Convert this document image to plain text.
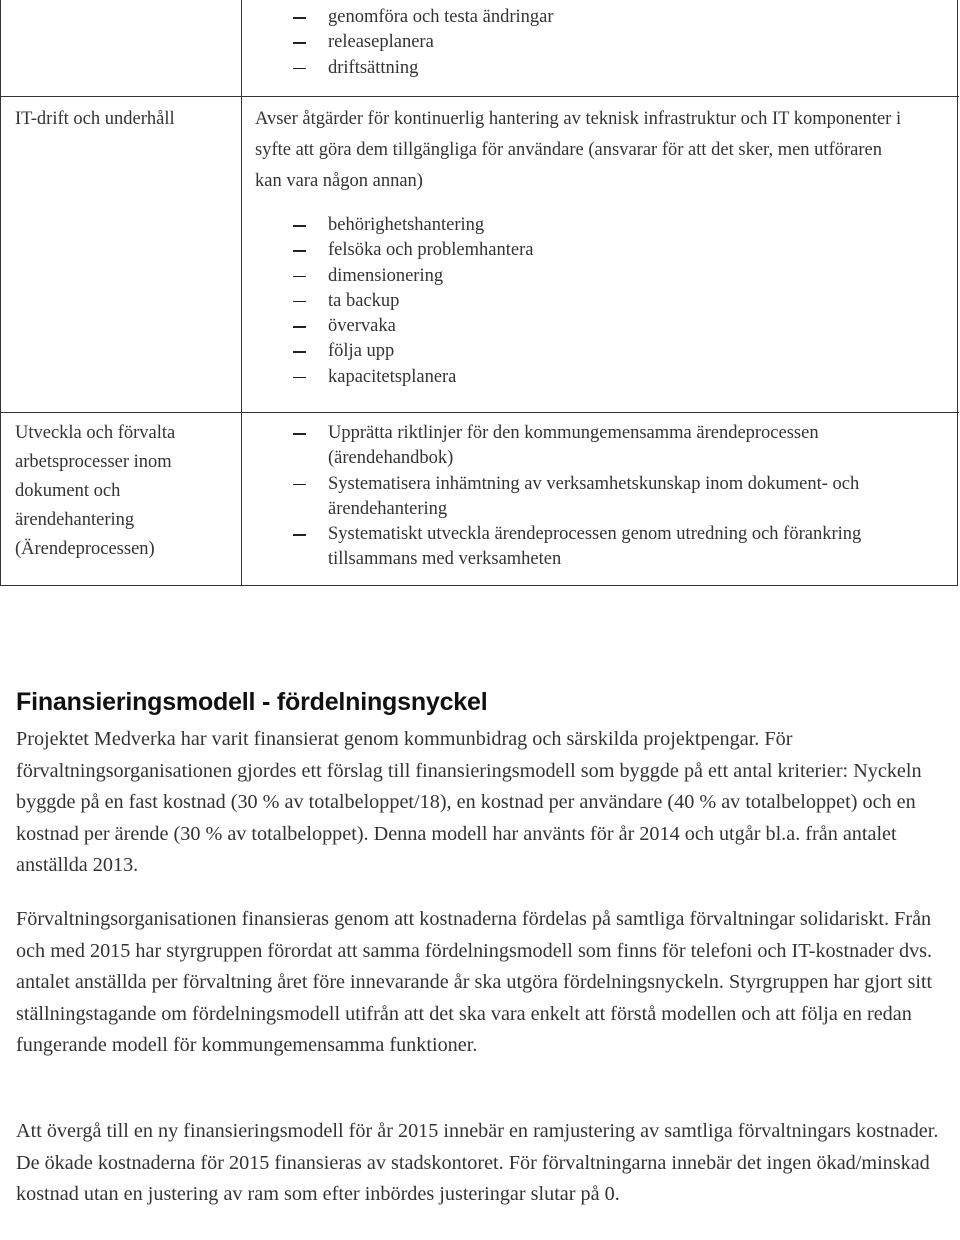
genomföra och testa ändringar
releaseplanera
driftsättning
IT-drift och underhåll	Avser åtgärder för kontinuerlig hantering av teknisk infrastruktur och IT komponenter i syfte att göra dem tillgängliga för användare (ansvarar för att det sker, men utföraren kan vara någon annan)

behörighetshantering
felsöka och problemhantera
dimensionering
ta backup
övervaka
följa upp
kapacitetsplanera
Utveckla och förvalta arbetsprocesser inom dokument och ärendehantering (Ärendeprocessen)
Upprätta riktlinjer för den kommungemensamma ärendeprocessen (ärendehandbok)
Systematisera inhämtning av verksamhetskunskap inom dokument- och ärendehantering
Systematiskt utveckla ärendeprocessen genom utredning och förankring tillsammans med verksamheten
Finansieringsmodell - fördelningsnyckel

Projektet Medverka har varit finansierat genom kommunbidrag och särskilda projektpengar. För förvaltningsorganisationen gjordes ett förslag till finansieringsmodell som byggde på ett antal kriterier: Nyckeln byggde på en fast kostnad (30 % av totalbeloppet/18), en kostnad per användare (40 % av totalbeloppet) och en kostnad per ärende (30 % av totalbeloppet). Denna modell har använts för år 2014 och utgår bl.a. från antalet anställda 2013.

Förvaltningsorganisationen finansieras genom att kostnaderna fördelas på samtliga förvaltningar solidariskt. Från och med 2015 har styrgruppen förordat att samma fördelningsmodell som finns för telefoni och IT-kostnader dvs. antalet anställda per förvaltning året före innevarande år ska utgöra fördelningsnyckeln. Styrgruppen har gjort sitt ställningstagande om fördelningsmodell utifrån att det ska vara enkelt att förstå modellen och att följa en redan fungerande modell för kommungemensamma funktioner.

Att övergå till en ny finansieringsmodell för år 2015 innebär en ramjustering av samtliga förvaltningars kostnader. De ökade kostnaderna för 2015 finansieras av stadskontoret. För förvaltningarna innebär det ingen ökad/minskad kostnad utan en justering av ram som efter inbördes justeringar slutar på 0.
